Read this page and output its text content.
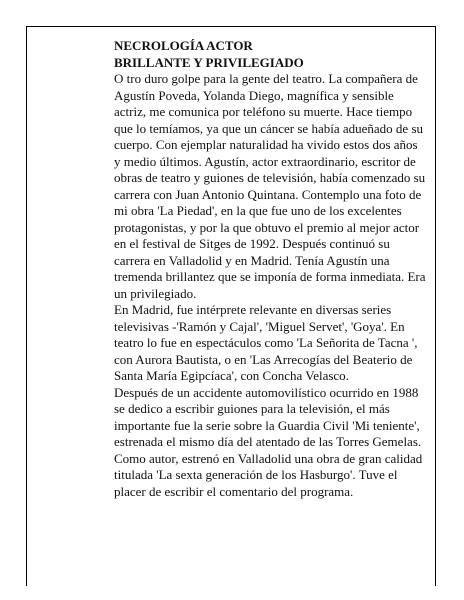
NECROLOGÍA ACTOR
BRILLANTE Y PRIVILEGIADO

O tro duro golpe para la gente del teatro. La compañera de Agustín Poveda, Yolanda Diego, magnífica y sensible actriz, me comunica por teléfono su muerte. Hace tiempo que lo temíamos, ya que un cáncer se había adueñado de su cuerpo. Con ejemplar naturalidad ha vivido estos dos años y medio últimos. Agustín, actor extraordinario, escritor de obras de teatro y guiones de televisión, había comenzado su carrera con Juan Antonio Quintana. Contemplo una foto de mi obra 'La Piedad', en la que fue uno de los excelentes protagonistas, y por la que obtuvo el premio al mejor actor en el festival de Sitges de 1992. Después continuó su carrera en Valladolid y en Madrid. Tenía Agustín una tremenda brillantez que se imponía de forma inmediata. Era un privilegiado.

En Madrid, fue intérprete relevante en diversas series televisivas -'Ramón y Cajal', 'Miguel Servet', 'Goya'. En teatro lo fue en espectáculos como 'La Señorita de Tacna ', con Aurora Bautista, o en 'Las Arrecogías del Beaterio de Santa María Egipcíaca', con Concha Velasco.

Después de un accidente automovilístico ocurrido en 1988 se dedico a escribir guiones para la televisión, el más importante fue la serie sobre la Guardia Civil 'Mi teniente', estrenada el mismo día del atentado de las Torres Gemelas.

Como autor, estrenó en Valladolid una obra de gran calidad titulada 'La sexta generación de los Hasburgo'. Tuve el placer de escribir el comentario del programa.
